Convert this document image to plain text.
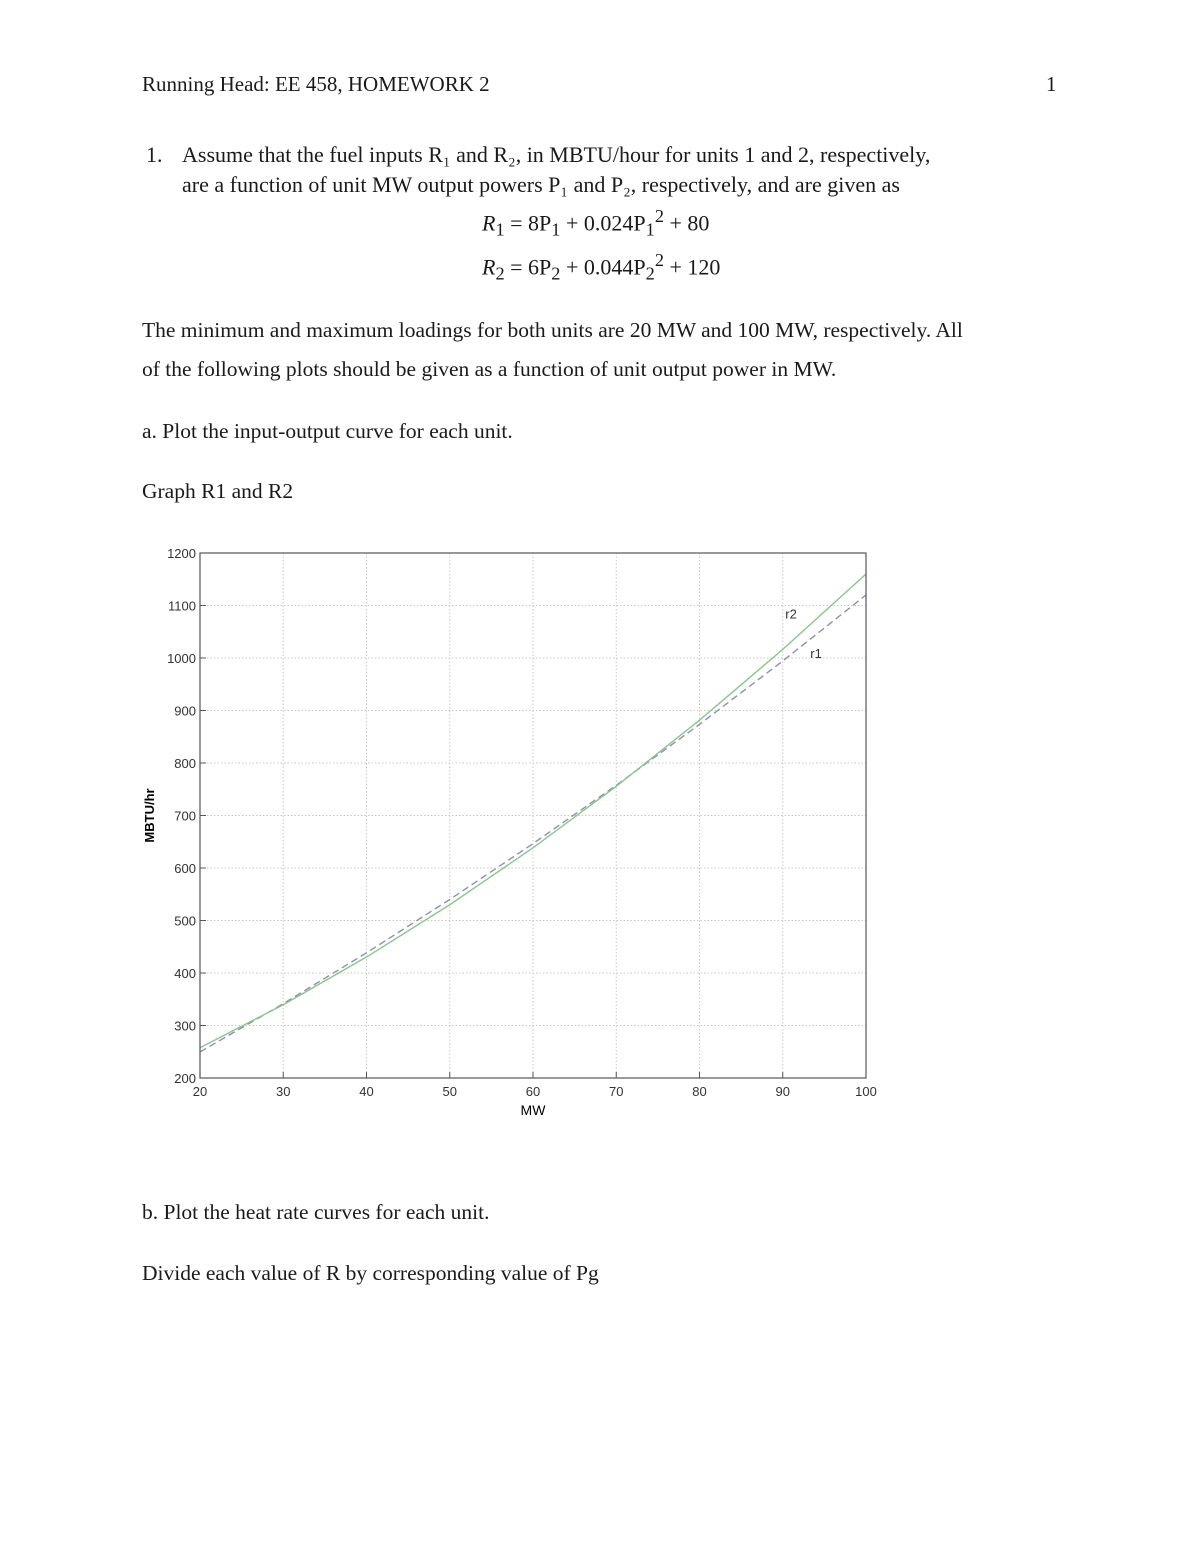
Running Head: EE 458, HOMEWORK 2	1
1. Assume that the fuel inputs R₁ and R₂, in MBTU/hour for units 1 and 2, respectively,
are a function of unit MW output powers P₁ and P₂, respectively, and are given as
$R_1 = 8P_1 + 0.024P_1^2 + 80$
$R_2 = 6P_2 + 0.044P_2^2 + 120$
The minimum and maximum loadings for both units are 20 MW and 100 MW, respectively. All
of the following plots should be given as a function of unit output power in MW.
a. Plot the input-output curve for each unit.
Graph R1 and R2
MW
MBTU/hr
20	30	40	50	60	70	80	90	100
200
300
400
500
600
700
800
900
1000
1100
1200
r1
r2
b. Plot the heat rate curves for each unit.
Divide each value of R by corresponding value of Pg
